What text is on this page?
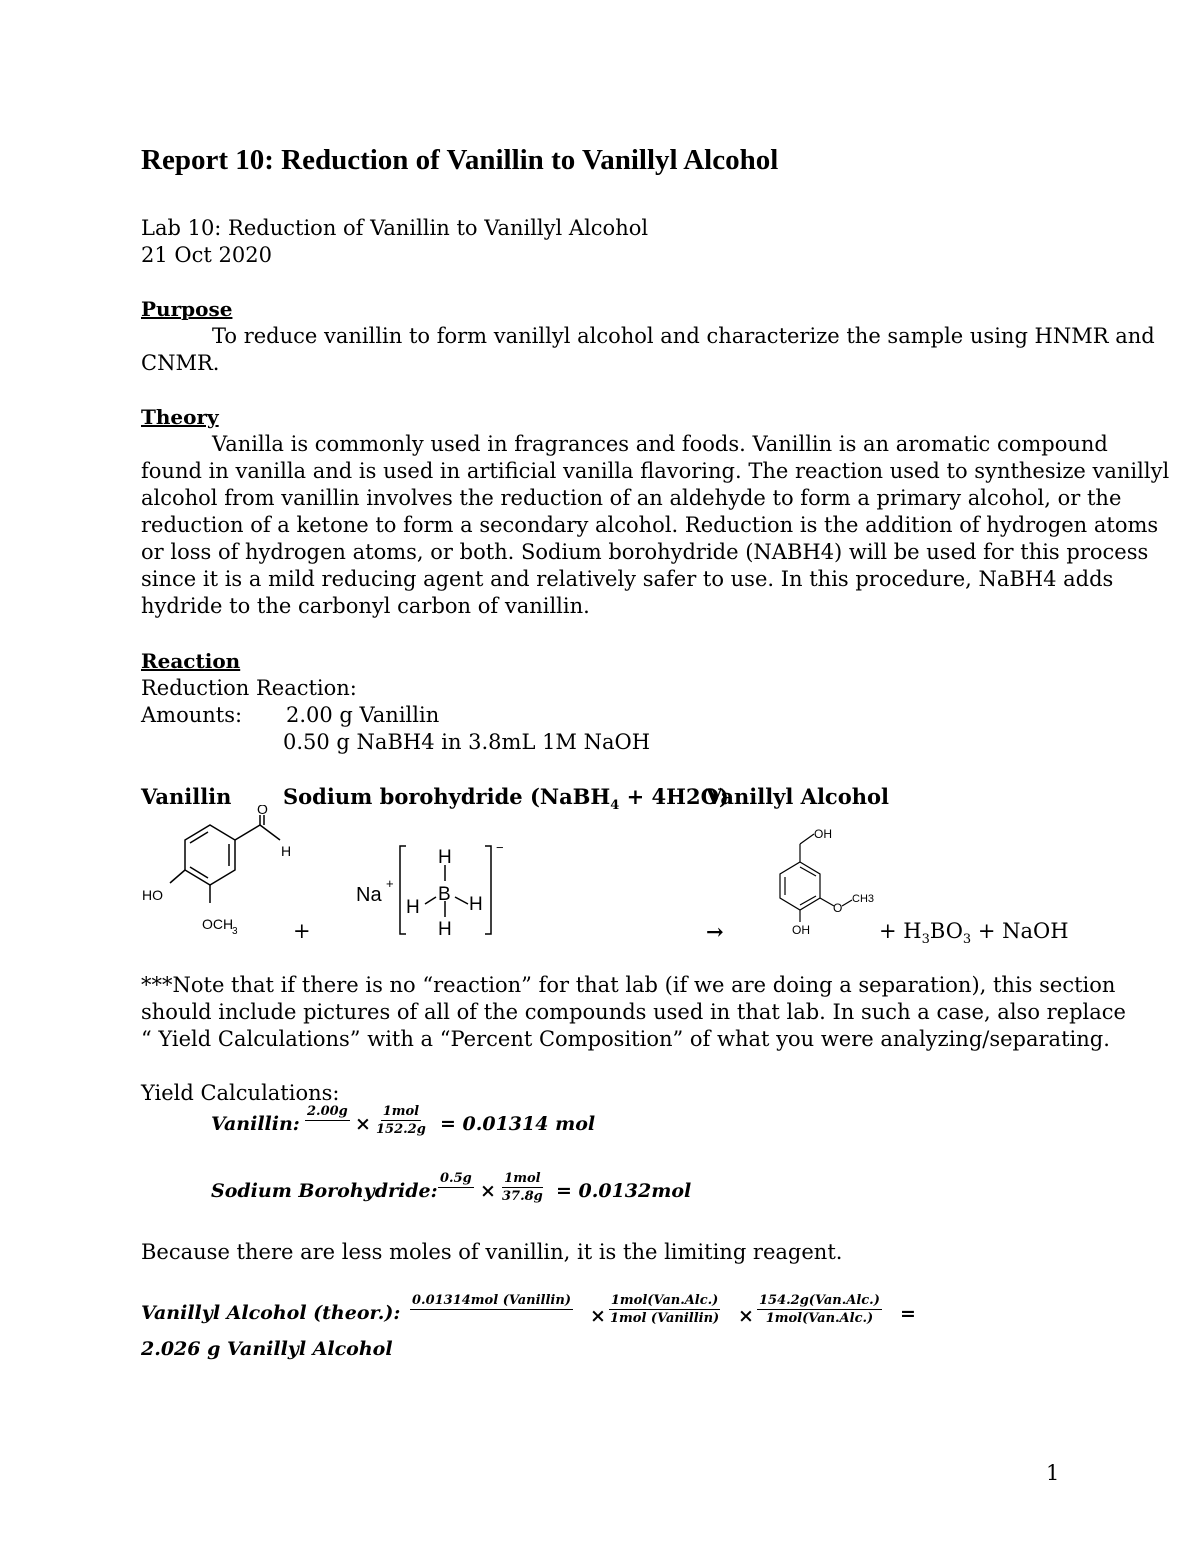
Report 10: Reduction of Vanillin to Vanillyl Alcohol
Lab 10: Reduction of Vanillin to Vanillyl Alcohol
21 Oct 2020
Purpose
To reduce vanillin to form vanillyl alcohol and characterize the sample using HNMR and
CNMR.
Theory
Vanilla is commonly used in fragrances and foods. Vanillin is an aromatic compound
found in vanilla and is used in artificial vanilla flavoring. The reaction used to synthesize vanillyl
alcohol from vanillin involves the reduction of an aldehyde to form a primary alcohol, or the
reduction of a ketone to form a secondary alcohol. Reduction is the addition of hydrogen atoms
or loss of hydrogen atoms, or both. Sodium borohydride (NABH4) will be used for this process
since it is a mild reducing agent and relatively safer to use. In this procedure, NaBH4 adds
hydride to the carbonyl carbon of vanillin.
Reaction
Reduction Reaction:
Amounts: 2.00 g Vanillin
0.50 g NaBH4 in 3.8mL 1M NaOH
Vanillin Sodium borohydride (NaBH$_4$ + 4H2O)
Vanillyl Alcohol
O
H
HO
OCH
3	+
Na
+
H
B
H	H
H
−
→
OH
O
CH3
OH	+ $H_3BO_3$ + NaOH
***Note that if there is no “reaction” for that lab (if we are doing a separation), this section
should include pictures of all of the compounds used in that lab. In such a case, also replace
“ Yield Calculations” with a “Percent Composition” of what you were analyzing/separating.
Yield Calculations:
Vanillin:
2.00g
×
1mol
152.2g = 0.01314 mol
Sodium Borohydride:
0.5g
×
1mol
37.8g = 0.0132mol
Because there are less moles of vanillin, it is the limiting reagent.
Vanillyl Alcohol (theor.):
0.01314mol (Vanillin)
×
1mol(Van.Alc.)
1mol (Vanillin) ×
154.2g(Van.Alc.)
1mol(Van.Alc.) =
2.026 g Vanillyl Alcohol
1
